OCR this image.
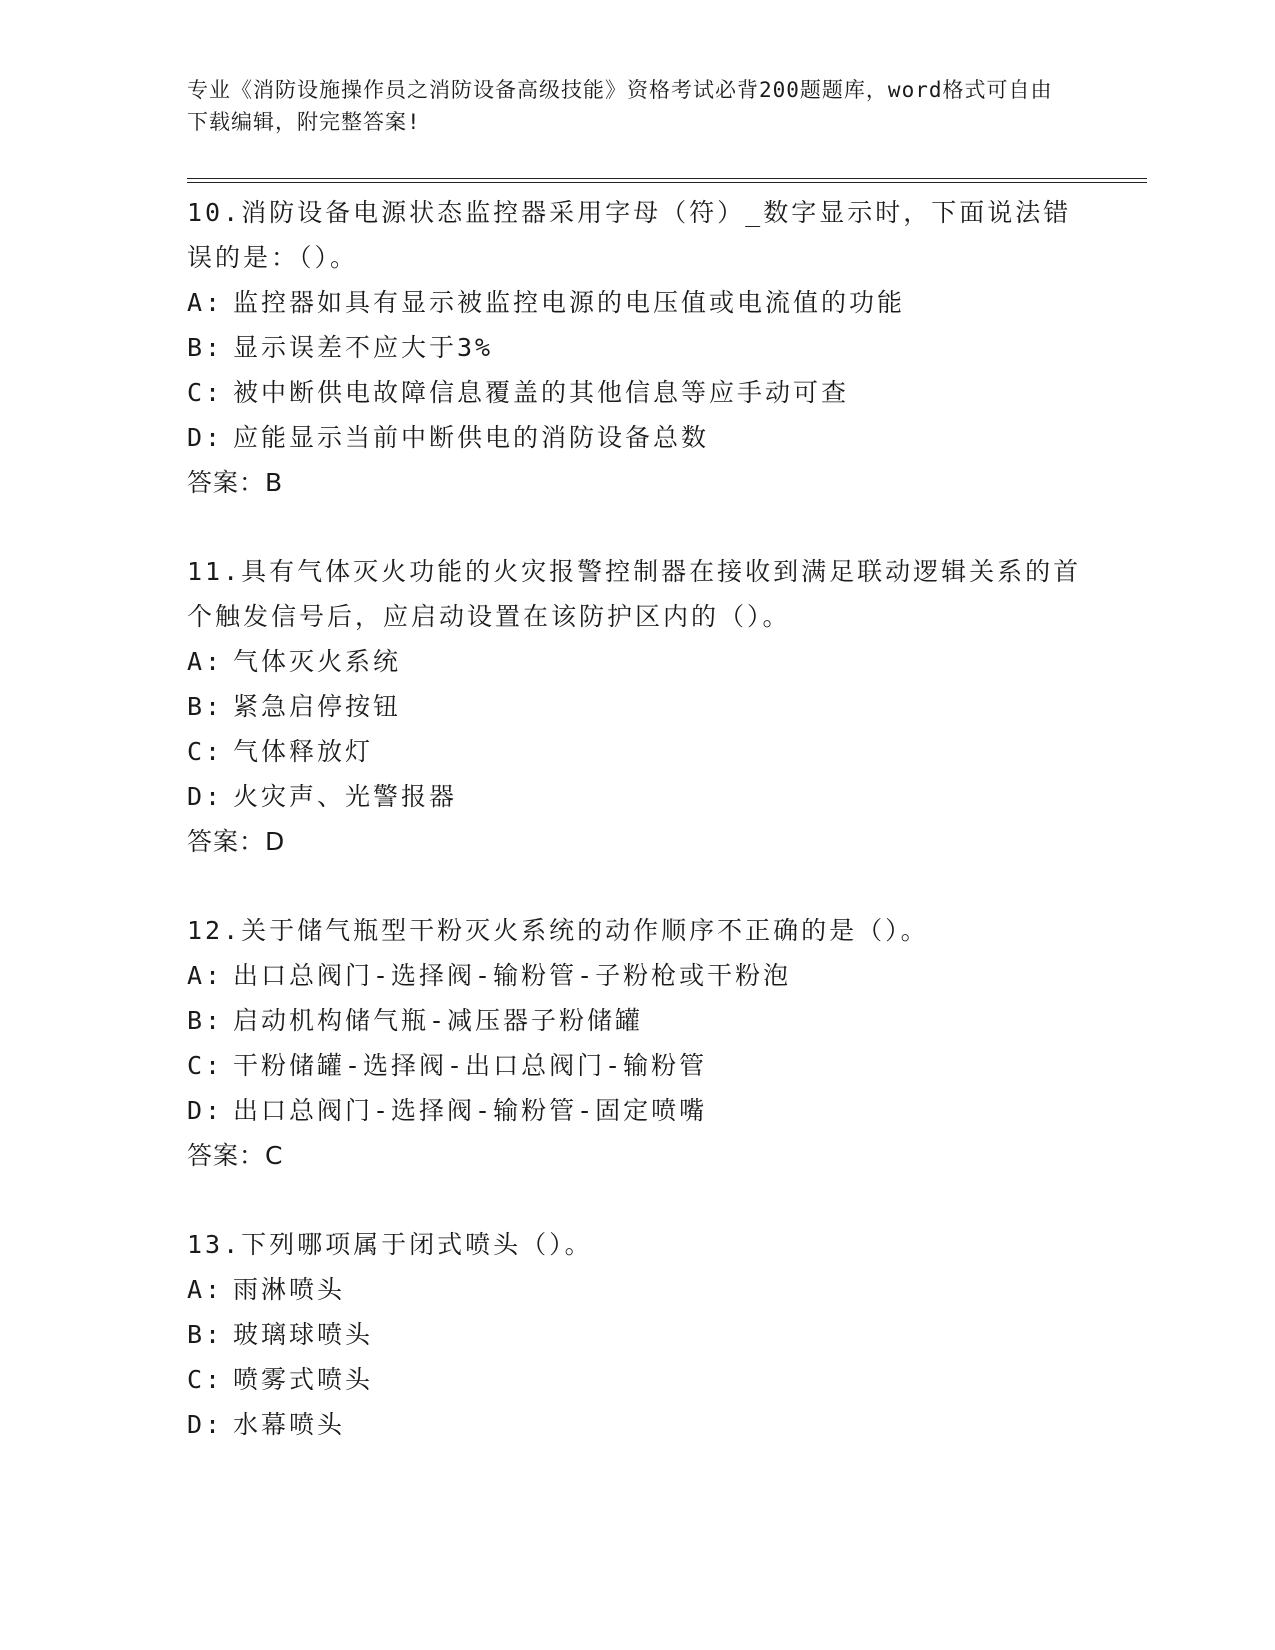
专业《消防设施操作员之消防设备高级技能》资格考试必背200题题库，word格式可自由下载编辑，附完整答案!

10.消防设备电源状态监控器采用字母（符）_数字显示时，下面说法错误的是：（）。

A: 监控器如具有显示被监控电源的电压值或电流值的功能

B: 显示误差不应大于3%

C: 被中断供电故障信息覆盖的其他信息等应手动可查

D: 应能显示当前中断供电的消防设备总数

答案：B

11.具有气体灭火功能的火灾报警控制器在接收到满足联动逻辑关系的首个触发信号后，应启动设置在该防护区内的（）。

A: 气体灭火系统

B: 紧急启停按钮

C: 气体释放灯

D: 火灾声、光警报器

答案：D

12.关于储气瓶型干粉灭火系统的动作顺序不正确的是（）。

A: 出口总阀门-选择阀-输粉管-子粉枪或干粉泡

B: 启动机构储气瓶-减压器子粉储罐

C: 干粉储罐-选择阀-出口总阀门-输粉管

D: 出口总阀门-选择阀-输粉管-固定喷嘴

答案：C

13.下列哪项属于闭式喷头（）。

A: 雨淋喷头

B: 玻璃球喷头

C: 喷雾式喷头

D: 水幕喷头
